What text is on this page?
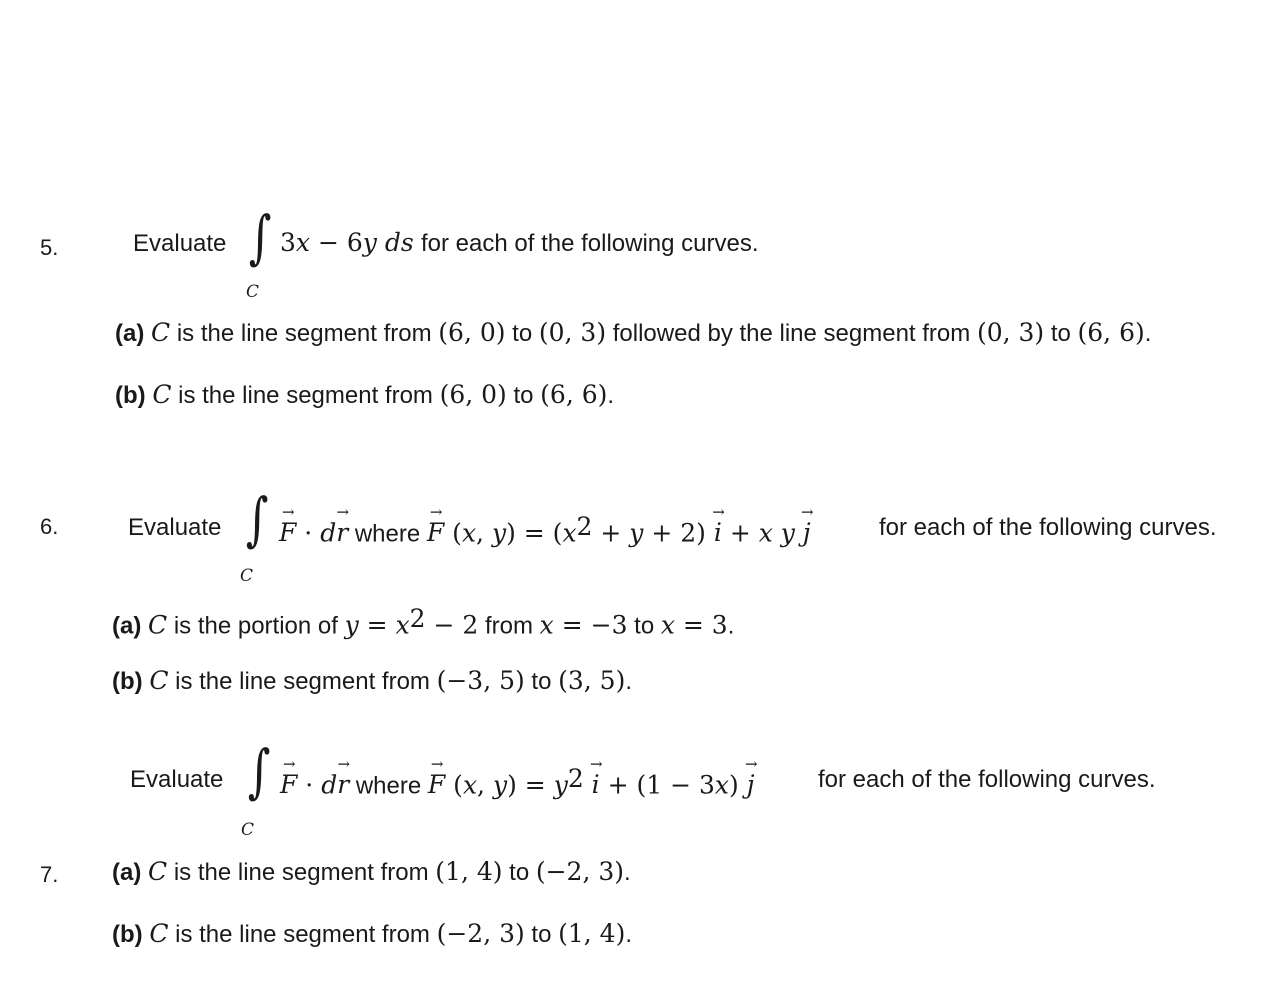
5.	Evaluate ∫
C
3x − 6y ds for each of the following curves.
(a) C is the line segment from (6, 0) to (0, 3) followed by the line segment from (0, 3) to (6, 6).
(b) C is the line segment from (6, 0) to (6, 6).
6.	Evaluate ∫
C
→ F · d→ r where → F (x, $y) = (x^2 + y + 2) \to i + x$ y → j	for each of the following curves.
(a) C is the portion of $y = x^2 - 2$ from x = −3 to x = 3.
(b) C is the line segment from (−3, 5) to (3, 5).
7.
Evaluate ∫
C
→ F · d→ r where → F (x, $y) = y^2 \to i + (1 - 3x) \to j$	for each of the following curves.
(a) C is the line segment from (1, 4) to (−2, 3).
(b) C is the line segment from (−2, 3) to (1, 4).
